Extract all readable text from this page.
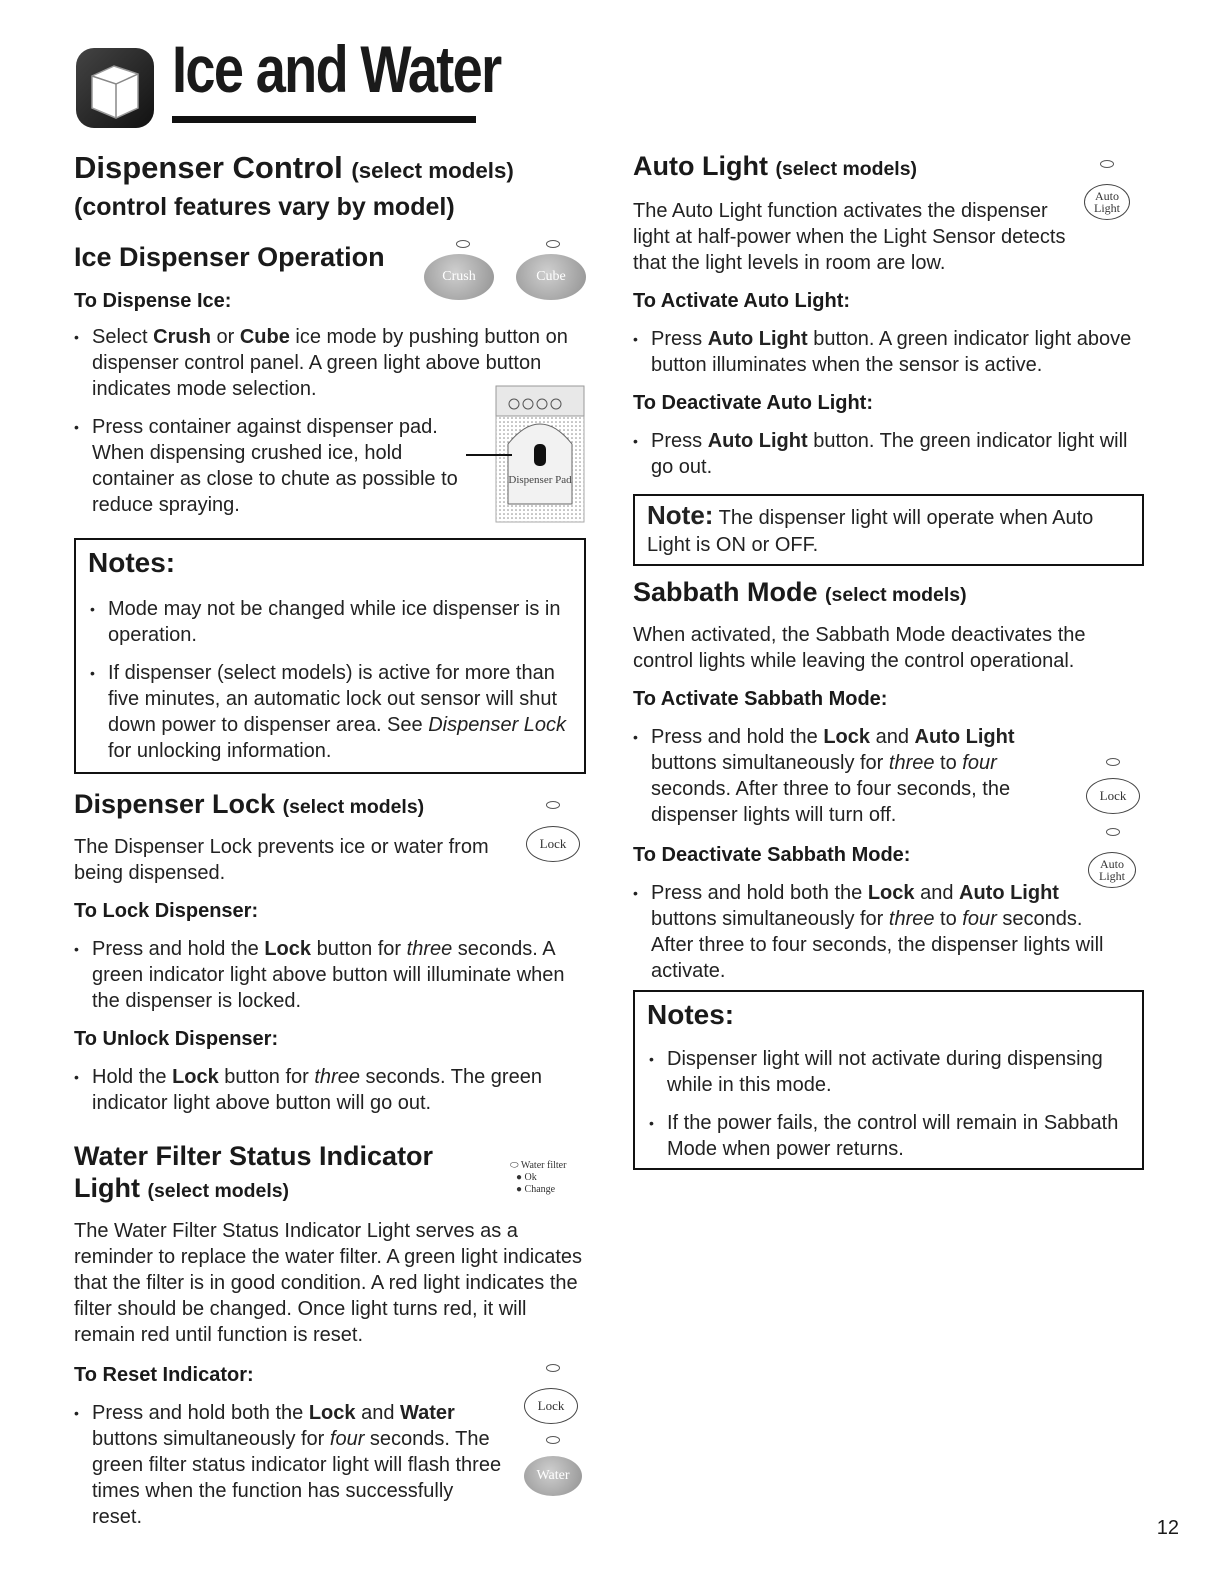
Ice and Water
Dispenser Control (select models)
(control features vary by model)
Ice Dispenser Operation
Crush	Cube
To Dispense Ice:
• Select Crush or Cube ice mode by pushing button on dispenser control panel. A green light above button indicates mode selection.
• Press container against dispenser pad. When dispensing crushed ice, hold container as close to chute as possible to reduce spraying.
Dispenser Pad
Notes:
• Mode may not be changed while ice dispenser is in operation.
• If dispenser (select models) is active for more than five minutes, an automatic lock out sensor will shut down power to dispenser area. See Dispenser Lock for unlocking information.
Dispenser Lock (select models)
Lock
The Dispenser Lock prevents ice or water from being dispensed.
To Lock Dispenser:
• Press and hold the Lock button for three seconds. A green indicator light above button will illuminate when the dispenser is locked.
To Unlock Dispenser:
• Hold the Lock button for three seconds. The green indicator light above button will go out.
Water Filter Status Indicator
Light (select models)
⬭ Water filter
● Ok
● Change
The Water Filter Status Indicator Light serves as a reminder to replace the water filter. A green light indicates that the filter is in good condition. A red light indicates the filter should be changed. Once light turns red, it will remain red until function is reset.
To Reset Indicator:
Lock
Water
• Press and hold both the Lock and Water buttons simultaneously for four seconds. The green filter status indicator light will flash three times when the function has successfully reset.
Auto Light (select models)
Auto Light
The Auto Light function activates the dispenser light at half-power when the Light Sensor detects that the light levels in room are low.
To Activate Auto Light:
• Press Auto Light button. A green indicator light above button illuminates when the sensor is active.
To Deactivate Auto Light:
• Press Auto Light button. The green indicator light will go out.
Note: The dispenser light will operate when Auto Light is ON or OFF.
Sabbath Mode (select models)
When activated, the Sabbath Mode deactivates the control lights while leaving the control operational.
To Activate Sabbath Mode:
• Press and hold the Lock and Auto Light buttons simultaneously for three to four seconds. After three to four seconds, the dispenser lights will turn off.
Lock
Auto Light
To Deactivate Sabbath Mode:
• Press and hold both the Lock and Auto Light buttons simultaneously for three to four seconds. After three to four seconds, the dispenser lights will activate.
Notes:
• Dispenser light will not activate during dispensing while in this mode.
• If the power fails, the control will remain in Sabbath Mode when power returns.
12
